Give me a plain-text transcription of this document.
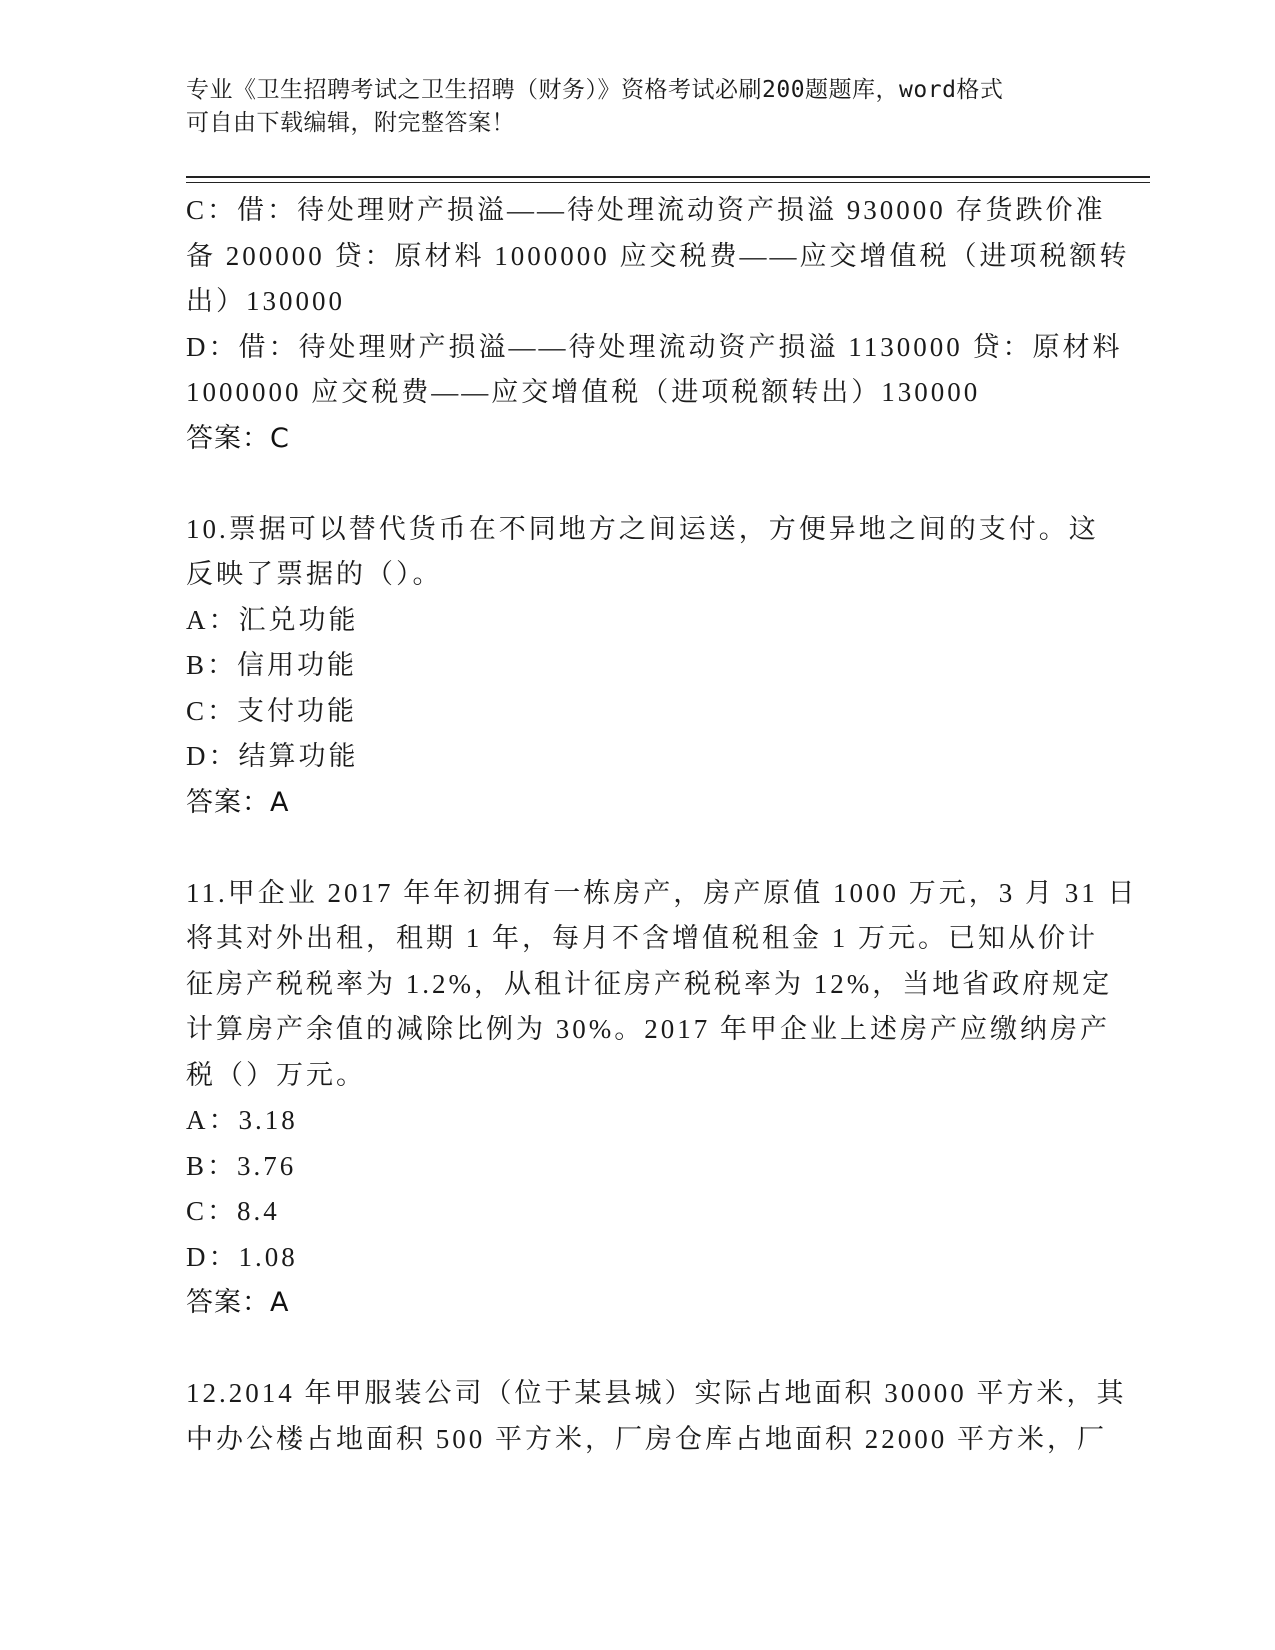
专业《卫生招聘考试之卫生招聘（财务）》资格考试必刷200题题库，word格式
可自由下载编辑，附完整答案！
C：借：待处理财产损溢——待处理流动资产损溢 930000 存货跌价准
备 200000 贷：原材料 1000000 应交税费——应交增值税（进项税额转
出）130000
D：借：待处理财产损溢——待处理流动资产损溢 1130000 贷：原材料
1000000 应交税费——应交增值税（进项税额转出）130000
答案：C
10.票据可以替代货币在不同地方之间运送，方便异地之间的支付。这
反映了票据的（）。
A：汇兑功能
B：信用功能
C：支付功能
D：结算功能
答案：A
11.甲企业 2017 年年初拥有一栋房产，房产原值 1000 万元，3 月 31 日
将其对外出租，租期 1 年，每月不含增值税租金 1 万元。已知从价计
征房产税税率为 1.2%，从租计征房产税税率为 12%，当地省政府规定
计算房产余值的减除比例为 30%。2017 年甲企业上述房产应缴纳房产
税（）万元。
A：3.18
B：3.76
C：8.4
D：1.08
答案：A
12.2014 年甲服装公司（位于某县城）实际占地面积 30000 平方米，其
中办公楼占地面积 500 平方米，厂房仓库占地面积 22000 平方米，厂
